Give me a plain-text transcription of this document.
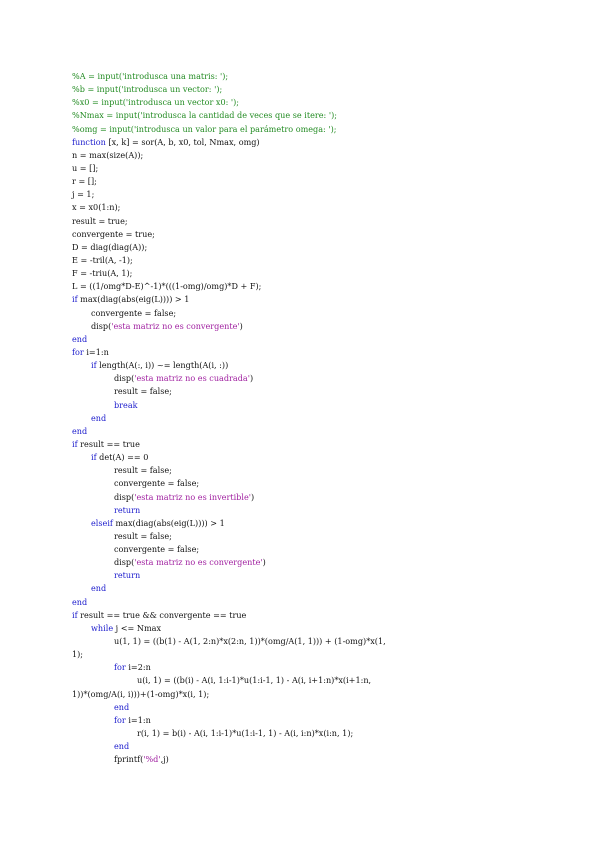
%A = input('introdusca una matris: ');
%b = input('introdusca un vector: ');
%x0 = input('introdusca un vector x0: ');
%Nmax = input('introdusca la cantidad de veces que se itere: ');
%omg = input('introdusca un valor para el parámetro omega: ');
function [x, k] = sor(A, b, x0, tol, Nmax, omg)
n = max(size(A));
u = [];
r = [];
j = 1;
x = x0(1:n);
result = true;
convergente = true;
D = diag(diag(A));
E = -tril(A, -1);
F = -triu(A, 1);
L = ((1/omg*D-E)^-1)*(((1-omg)/omg)*D + F);
if max(diag(abs(eig(L)))) > 1
convergente = false;
disp('esta matriz no es convergente')
end
for i=1:n
if length(A(:, i)) ~= length(A(i, :))
disp('esta matriz no es cuadrada')
result = false;
break
end
end
if result == true
if det(A) == 0
result = false;
convergente = false;
disp('esta matriz no es invertible')
return
elseif max(diag(abs(eig(L)))) > 1
result = false;
convergente = false;
disp('esta matriz no es convergente')
return
end
end
if result == true && convergente == true
while j <= Nmax
u(1, 1) = ((b(1) - A(1, 2:n)*x(2:n, 1))*(omg/A(1, 1))) + (1-omg)*x(1,
1);
for i=2:n
u(i, 1) = ((b(i) - A(i, 1:i-1)*u(1:i-1, 1) - A(i, i+1:n)*x(i+1:n,
1))*(omg/A(i, i)))+(1-omg)*x(i, 1);
end
for i=1:n
r(i, 1) = b(i) - A(i, 1:i-1)*u(1:i-1, 1) - A(i, i:n)*x(i:n, 1);
end
fprintf('%d',j)
